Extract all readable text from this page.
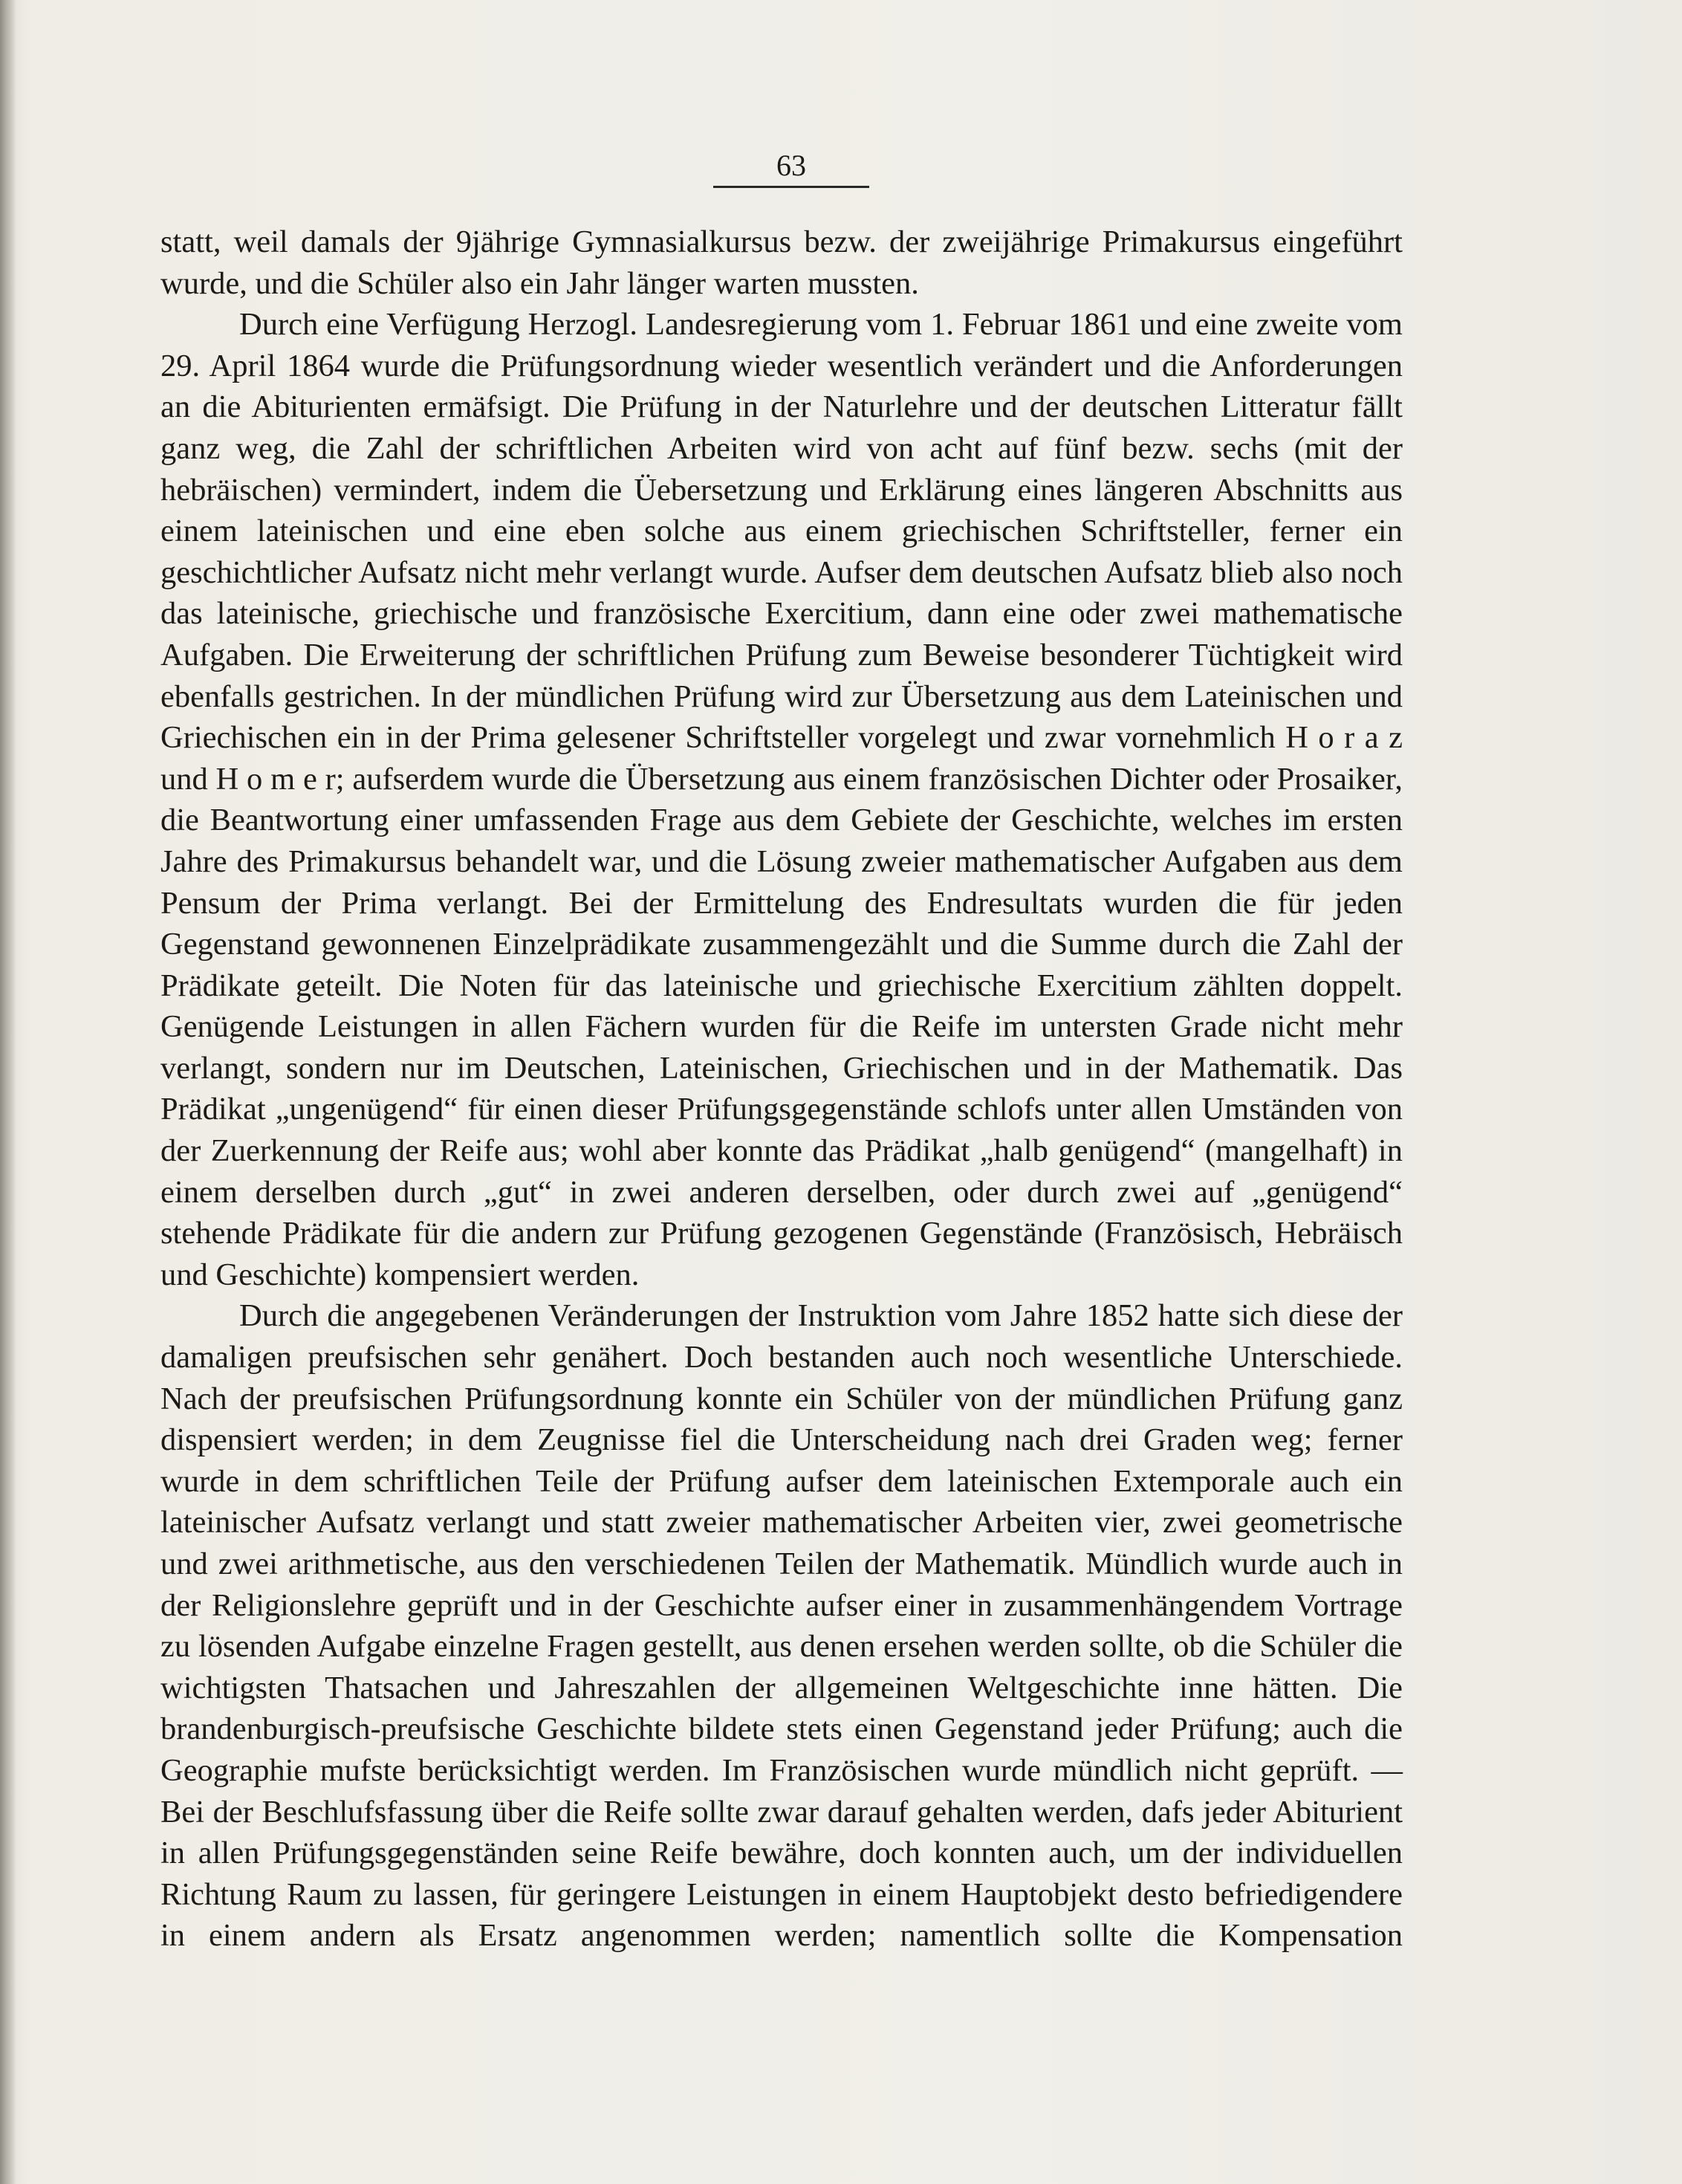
63

statt, weil damals der 9jährige Gymnasialkursus bezw. der zweijährige Primakursus eingeführt wurde, und die Schüler also ein Jahr länger warten mussten.

Durch eine Verfügung Herzogl. Landesregierung vom 1. Februar 1861 und eine zweite vom 29. April 1864 wurde die Prüfungsordnung wieder wesentlich verändert und die Anforderungen an die Abiturienten ermäfsigt. Die Prüfung in der Naturlehre und der deutschen Litteratur fällt ganz weg, die Zahl der schriftlichen Arbeiten wird von acht auf fünf bezw. sechs (mit der hebräischen) vermindert, indem die Üebersetzung und Erklärung eines längeren Abschnitts aus einem lateinischen und eine eben solche aus einem griechischen Schriftsteller, ferner ein geschichtlicher Aufsatz nicht mehr verlangt wurde. Aufser dem deutschen Aufsatz blieb also noch das lateinische, griechische und französische Exercitium, dann eine oder zwei mathematische Aufgaben. Die Erweiterung der schriftlichen Prüfung zum Beweise besonderer Tüchtigkeit wird ebenfalls gestrichen. In der mündlichen Prüfung wird zur Übersetzung aus dem Lateinischen und Griechischen ein in der Prima gelesener Schriftsteller vorgelegt und zwar vornehmlich H o r a z und H o m e r; aufserdem wurde die Übersetzung aus einem französischen Dichter oder Prosaiker, die Beantwortung einer umfassenden Frage aus dem Gebiete der Geschichte, welches im ersten Jahre des Primakursus behandelt war, und die Lösung zweier mathematischer Aufgaben aus dem Pensum der Prima verlangt. Bei der Ermittelung des Endresultats wurden die für jeden Gegenstand gewonnenen Einzelprädikate zusammengezählt und die Summe durch die Zahl der Prädikate geteilt. Die Noten für das lateinische und griechische Exercitium zählten doppelt. Genügende Leistungen in allen Fächern wurden für die Reife im untersten Grade nicht mehr verlangt, sondern nur im Deutschen, Lateinischen, Griechischen und in der Mathematik. Das Prädikat „ungenügend“ für einen dieser Prüfungsgegenstände schlofs unter allen Umständen von der Zuerkennung der Reife aus; wohl aber konnte das Prädikat „halb genügend“ (mangelhaft) in einem derselben durch „gut“ in zwei anderen derselben, oder durch zwei auf „genügend“ stehende Prädikate für die andern zur Prüfung gezogenen Gegenstände (Französisch, Hebräisch und Geschichte) kompensiert werden.

Durch die angegebenen Veränderungen der Instruktion vom Jahre 1852 hatte sich diese der damaligen preufsischen sehr genähert. Doch bestanden auch noch wesentliche Unterschiede. Nach der preufsischen Prüfungsordnung konnte ein Schüler von der mündlichen Prüfung ganz dispensiert werden; in dem Zeugnisse fiel die Unterscheidung nach drei Graden weg; ferner wurde in dem schriftlichen Teile der Prüfung aufser dem lateinischen Extemporale auch ein lateinischer Aufsatz verlangt und statt zweier mathematischer Arbeiten vier, zwei geometrische und zwei arithmetische, aus den verschiedenen Teilen der Mathematik. Mündlich wurde auch in der Religionslehre geprüft und in der Geschichte aufser einer in zusammenhängendem Vortrage zu lösenden Aufgabe einzelne Fragen gestellt, aus denen ersehen werden sollte, ob die Schüler die wichtigsten Thatsachen und Jahreszahlen der allgemeinen Weltgeschichte inne hätten. Die brandenburgisch-preufsische Geschichte bildete stets einen Gegenstand jeder Prüfung; auch die Geographie mufste berücksichtigt werden. Im Französischen wurde mündlich nicht geprüft. — Bei der Beschlufsfassung über die Reife sollte zwar darauf gehalten werden, dafs jeder Abiturient in allen Prüfungsgegenständen seine Reife bewähre, doch konnten auch, um der individuellen Richtung Raum zu lassen, für geringere Leistungen in einem Hauptobjekt desto befriedigendere in einem andern als Ersatz angenommen werden; namentlich sollte die Kompensation
